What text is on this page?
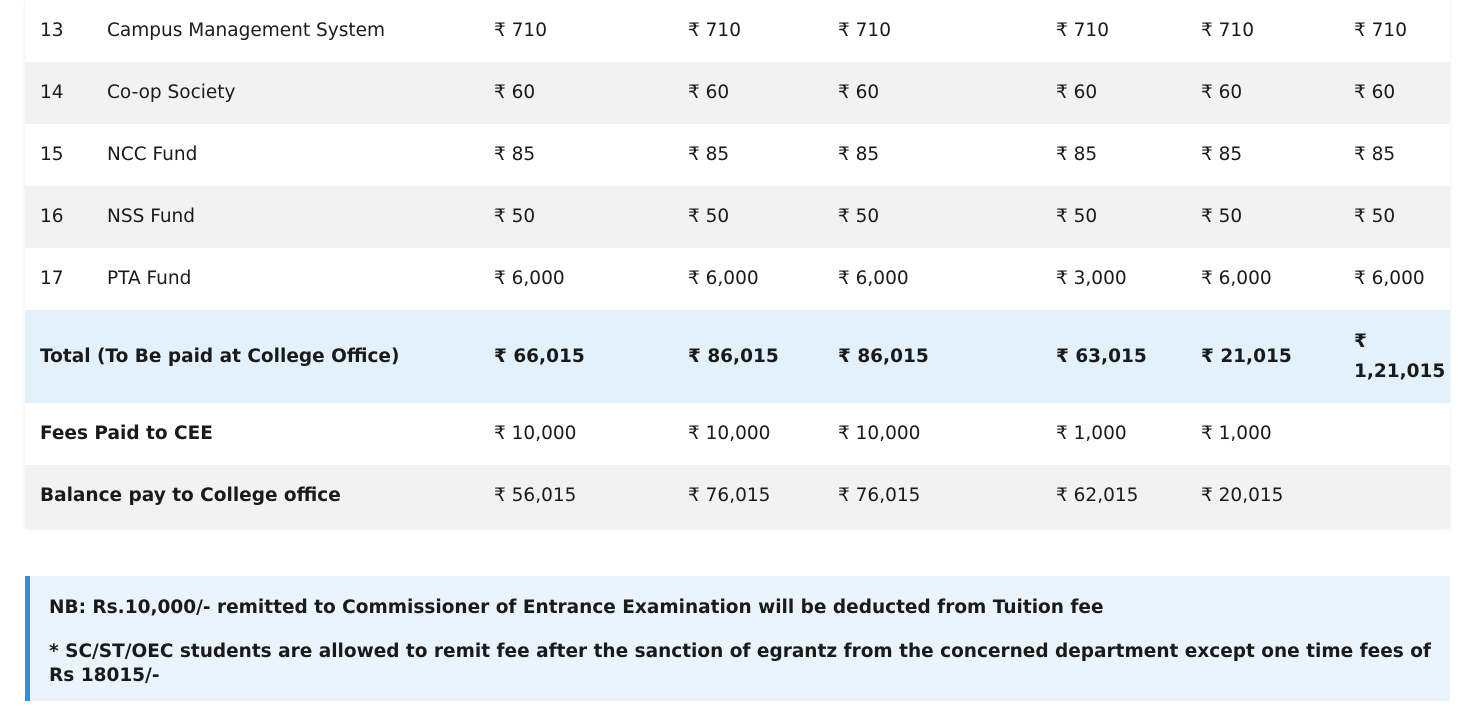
13	Campus Management System	₹ 710	₹ 710	₹ 710	₹ 710	₹ 710	₹ 710
14	Co-op Society	₹ 60	₹ 60	₹ 60	₹ 60	₹ 60	₹ 60
15	NCC Fund	₹ 85	₹ 85	₹ 85	₹ 85	₹ 85	₹ 85
16	NSS Fund	₹ 50	₹ 50	₹ 50	₹ 50	₹ 50	₹ 50
17	PTA Fund	₹ 6,000	₹ 6,000	₹ 6,000	₹ 3,000	₹ 6,000	₹ 6,000
Total (To Be paid at College Office)		₹ 66,015	₹ 86,015	₹ 86,015	₹ 63,015	₹ 21,015	₹ 1,21,015
Fees Paid to CEE		₹ 10,000	₹ 10,000	₹ 10,000	₹ 1,000	₹ 1,000	
Balance pay to College office		₹ 56,015	₹ 76,015	₹ 76,015	₹ 62,015	₹ 20,015	

NB: Rs.10,000/- remitted to Commissioner of Entrance Examination will be deducted from Tuition fee

* SC/ST/OEC students are allowed to remit fee after the sanction of egrantz from the concerned department except one time fees of Rs 18015/-
